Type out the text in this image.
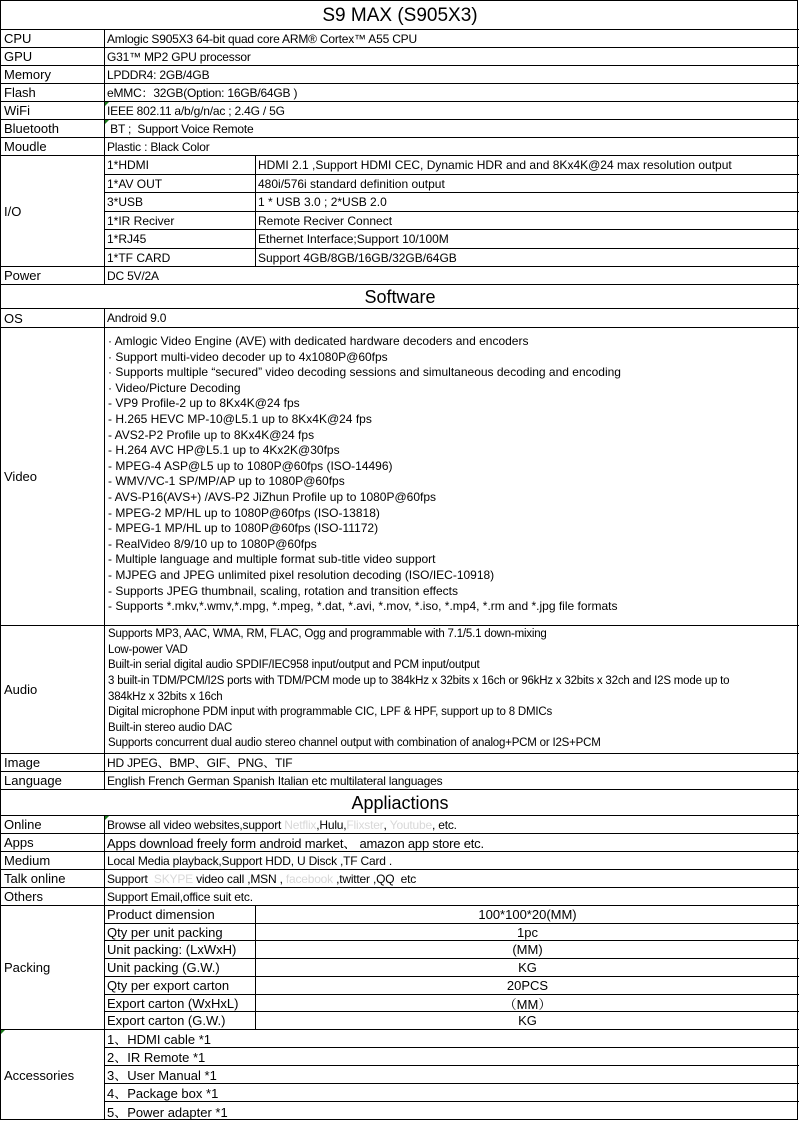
S9 MAX (S905X3)
CPU	Amlogic S905X3 64-bit quad core ARM® Cortex™ A55 CPU
GPU	G31™ MP2 GPU processor
Memory	LPDDR4: 2GB/4GB
Flash	eMMC：32GB(Option: 16GB/64GB )
WiFi	IEEE 802.11 a/b/g/n/ac ; 2.4G / 5G
Bluetooth	BT ;  Support Voice Remote
Moudle	Plastic : Black Color
I/O
1*HDMI	HDMI 2.1 ,Support HDMI CEC, Dynamic HDR and and 8Kx4K@24 max resolution output
1*AV OUT	480i/576i standard definition output
3*USB	1 * USB 3.0 ; 2*USB 2.0
1*IR Reciver	Remote Reciver Connect
1*RJ45	Ethernet Interface;Support 10/100M
1*TF CARD	Support 4GB/8GB/16GB/32GB/64GB
Power	DC 5V/2A
Software
OS	Android 9.0
Video
· Amlogic Video Engine (AVE) with dedicated hardware decoders and encoders
· Support multi-video decoder up to 4x1080P@60fps
· Supports multiple “secured” video decoding sessions and simultaneous decoding and encoding
· Video/Picture Decoding
- VP9 Profile-2 up to 8Kx4K@24 fps
- H.265 HEVC MP-10@L5.1 up to 8Kx4K@24 fps
- AVS2-P2 Profile up to 8Kx4K@24 fps
- H.264 AVC HP@L5.1 up to 4Kx2K@30fps
- MPEG-4 ASP@L5 up to 1080P@60fps (ISO-14496)
- WMV/VC-1 SP/MP/AP up to 1080P@60fps
- AVS-P16(AVS+) /AVS-P2 JiZhun Profile up to 1080P@60fps
- MPEG-2 MP/HL up to 1080P@60fps (ISO-13818)
- MPEG-1 MP/HL up to 1080P@60fps (ISO-11172)
- RealVideo 8/9/10 up to 1080P@60fps
- Multiple language and multiple format sub-title video support
- MJPEG and JPEG unlimited pixel resolution decoding (ISO/IEC-10918)
- Supports JPEG thumbnail, scaling, rotation and transition effects
- Supports *.mkv,*.wmv,*.mpg, *.mpeg, *.dat, *.avi, *.mov, *.iso, *.mp4, *.rm and *.jpg file formats
Audio
Supports MP3, AAC, WMA, RM, FLAC, Ogg and programmable with 7.1/5.1 down-mixing
Low-power VAD
Built-in serial digital audio SPDIF/IEC958 input/output and PCM input/output
3 built-in TDM/PCM/I2S ports with TDM/PCM mode up to 384kHz x 32bits x 16ch or 96kHz x 32bits x 32ch and I2S mode up to
384kHz x 32bits x 16ch
Digital microphone PDM input with programmable CIC, LPF & HPF, support up to 8 DMICs
Built-in stereo audio DAC
Supports concurrent dual audio stereo channel output with combination of analog+PCM or I2S+PCM
Image	HD JPEG、BMP、GIF、PNG、TIF
Language	English French German Spanish Italian etc multilateral languages
Appliactions
Online	Browse all video websites,support Netflix ,Hulu, Flixster , Youtube , etc.
Apps	Apps download freely form android market、 amazon app store etc.
Medium	Local Media playback,Support HDD, U Disck ,TF Card .
Talk online	Support SKYPE video call ,MSN , facebook ,twitter ,QQ  etc
Others	Support Email,office suit etc.
Packing
Product dimension	100*100*20(MM)
Qty per unit packing	1pc
Unit packing: (LxWxH)	(MM)
Unit packing (G.W.)	KG
Qty per export carton	20PCS
Export carton (WxHxL)	（MM）
Export carton (G.W.)	KG
Accessories
1、HDMI cable *1
2、IR Remote *1
3、User Manual *1
4、Package box *1
5、Power adapter *1
